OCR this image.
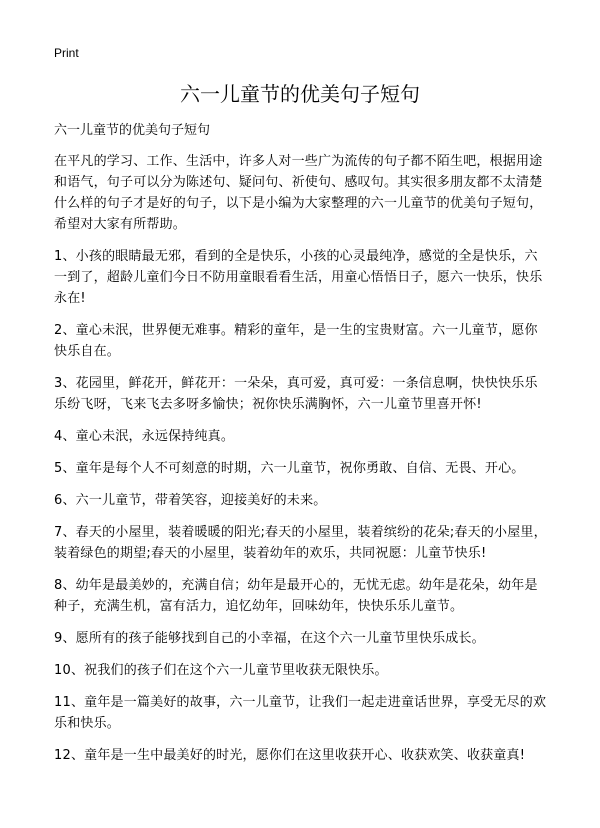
Print
六一儿童节的优美句子短句

六一儿童节的优美句子短句

在平凡的学习、工作、生活中，许多人对一些广为流传的句子都不陌生吧，根据用途和语气，句子可以分为陈述句、疑问句、祈使句、感叹句。其实很多朋友都不太清楚什么样的句子才是好的句子，以下是小编为大家整理的六一儿童节的优美句子短句，希望对大家有所帮助。

1、小孩的眼睛最无邪，看到的全是快乐，小孩的心灵最纯净，感觉的全是快乐，六一到了，超龄儿童们今日不防用童眼看看生活，用童心悟悟日子，愿六一快乐，快乐永在!

2、童心未泯，世界便无难事。精彩的童年，是一生的宝贵财富。六一儿童节，愿你快乐自在。

3、花园里，鲜花开，鲜花开：一朵朵，真可爱，真可爱：一条信息啊，快快快乐乐乐纷飞呀，飞来飞去多呀多愉快；祝你快乐满胸怀，六一儿童节里喜开怀!

4、童心未泯，永远保持纯真。

5、童年是每个人不可刻意的时期，六一儿童节，祝你勇敢、自信、无畏、开心。

6、六一儿童节，带着笑容，迎接美好的未来。

7、春天的小屋里，装着暖暖的阳光;春天的小屋里，装着缤纷的花朵;春天的小屋里，装着绿色的期望;春天的小屋里，装着幼年的欢乐，共同祝愿：儿童节快乐!

8、幼年是最美妙的，充满自信；幼年是最开心的，无忧无虑。幼年是花朵，幼年是种子，充满生机，富有活力，追忆幼年，回味幼年，快快乐乐儿童节。

9、愿所有的孩子能够找到自己的小幸福，在这个六一儿童节里快乐成长。

10、祝我们的孩子们在这个六一儿童节里收获无限快乐。

11、童年是一篇美好的故事，六一儿童节，让我们一起走进童话世界，享受无尽的欢乐和快乐。

12、童年是一生中最美好的时光，愿你们在这里收获开心、收获欢笑、收获童真!
